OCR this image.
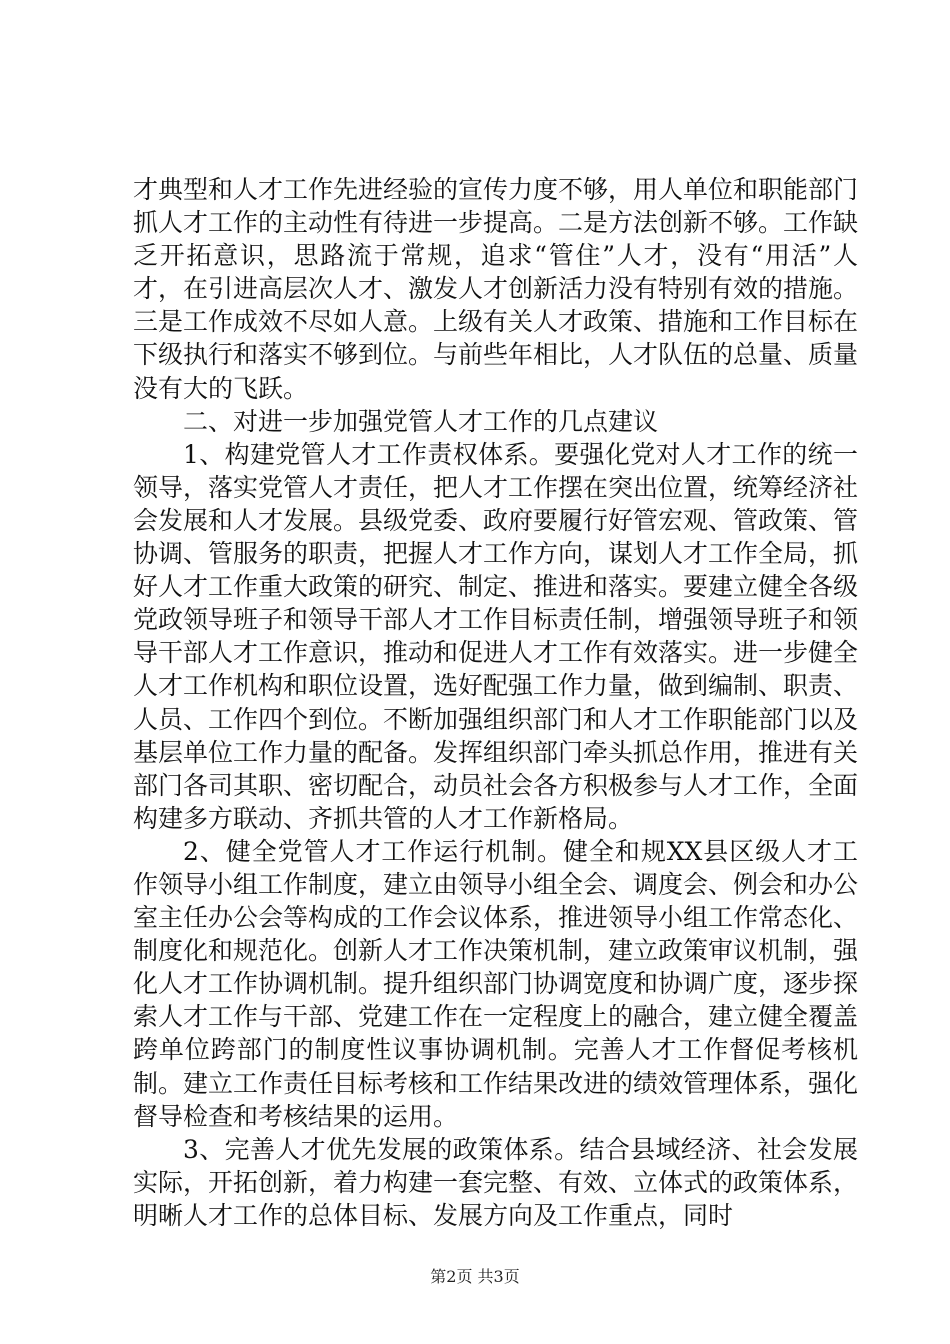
才典型和人才工作先进经验的宣传力度不够，用人单位和职能部门抓人才工作的主动性有待进一步提高。二是方法创新不够。工作缺乏开拓意识，思路流于常规，追求“管住”人才，没有“用活”人才，在引进高层次人才、激发人才创新活力没有特别有效的措施。三是工作成效不尽如人意。上级有关人才政策、措施和工作目标在下级执行和落实不够到位。与前些年相比，人才队伍的总量、质量没有大的飞跃。

二、对进一步加强党管人才工作的几点建议

1、构建党管人才工作责权体系。要强化党对人才工作的统一领导，落实党管人才责任，把人才工作摆在突出位置，统筹经济社会发展和人才发展。县级党委、政府要履行好管宏观、管政策、管协调、管服务的职责，把握人才工作方向，谋划人才工作全局，抓好人才工作重大政策的研究、制定、推进和落实。要建立健全各级党政领导班子和领导干部人才工作目标责任制，增强领导班子和领导干部人才工作意识，推动和促进人才工作有效落实。进一步健全人才工作机构和职位设置，选好配强工作力量，做到编制、职责、人员、工作四个到位。不断加强组织部门和人才工作职能部门以及基层单位工作力量的配备。发挥组织部门牵头抓总作用，推进有关部门各司其职、密切配合，动员社会各方积极参与人才工作，全面构建多方联动、齐抓共管的人才工作新格局。

2、健全党管人才工作运行机制。健全和规XX县区级人才工作领导小组工作制度，建立由领导小组全会、调度会、例会和办公室主任办公会等构成的工作会议体系，推进领导小组工作常态化、制度化和规范化。创新人才工作决策机制，建立政策审议机制，强化人才工作协调机制。提升组织部门协调宽度和协调广度，逐步探索人才工作与干部、党建工作在一定程度上的融合，建立健全覆盖跨单位跨部门的制度性议事协调机制。完善人才工作督促考核机制。建立工作责任目标考核和工作结果改进的绩效管理体系，强化督导检查和考核结果的运用。

3、完善人才优先发展的政策体系。结合县域经济、社会发展实际，开拓创新，着力构建一套完整、有效、立体式的政策体系，明晰人才工作的总体目标、发展方向及工作重点，同时

第2页 共3页
